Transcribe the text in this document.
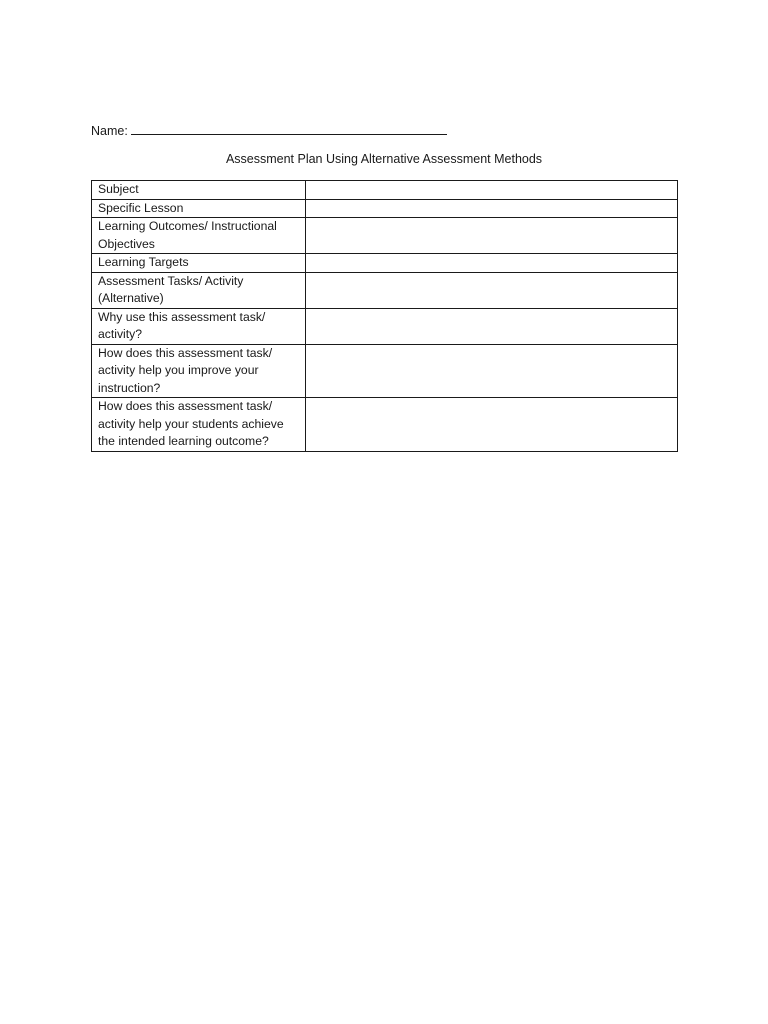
Name:
Assessment Plan Using Alternative Assessment Methods
Subject	
Specific Lesson	
Learning Outcomes/ Instructional Objectives	
Learning Targets	
Assessment Tasks/ Activity (Alternative)	
Why use this assessment task/ activity?	
How does this assessment task/ activity help you improve your instruction?	
How does this assessment task/ activity help your students achieve the intended learning outcome?	
